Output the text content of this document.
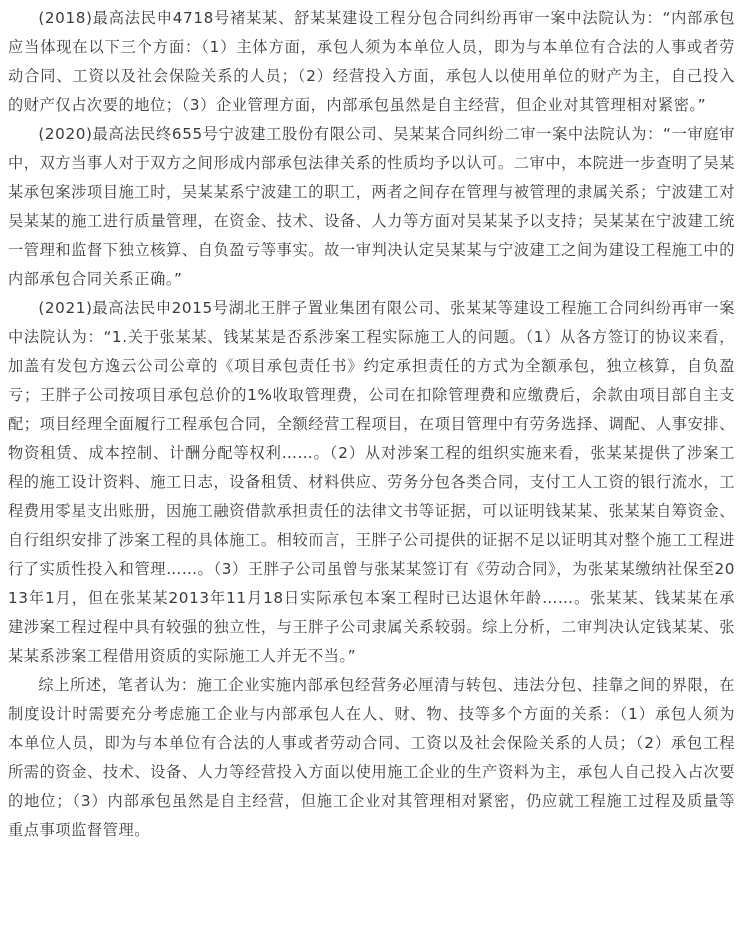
(2018)最高法民申4718号褚某某、舒某某建设工程分包合同纠纷再审一案中法院认为：“内部承包应当体现在以下三个方面：（1）主体方面，承包人须为本单位人员，即为与本单位有合法的人事或者劳动合同、工资以及社会保险关系的人员；（2）经营投入方面，承包人以使用单位的财产为主，自己投入的财产仅占次要的地位；（3）企业管理方面，内部承包虽然是自主经营，但企业对其管理相对紧密。”

(2020)最高法民终655号宁波建工股份有限公司、吴某某合同纠纷二审一案中法院认为：“一审庭审中，双方当事人对于双方之间形成内部承包法律关系的性质均予以认可。二审中，本院进一步查明了吴某某承包案涉项目施工时，吴某某系宁波建工的职工，两者之间存在管理与被管理的隶属关系；宁波建工对吴某某的施工进行质量管理，在资金、技术、设备、人力等方面对吴某某予以支持；吴某某在宁波建工统一管理和监督下独立核算、自负盈亏等事实。故一审判决认定吴某某与宁波建工之间为建设工程施工中的内部承包合同关系正确。”

(2021)最高法民申2015号湖北王胖子置业集团有限公司、张某某等建设工程施工合同纠纷再审一案中法院认为：“1.关于张某某、钱某某是否系涉案工程实际施工人的问题。（1）从各方签订的协议来看，加盖有发包方逸云公司公章的《项目承包责任书》约定承担责任的方式为全额承包，独立核算，自负盈亏；王胖子公司按项目承包总价的1%收取管理费，公司在扣除管理费和应缴费后，余款由项目部自主支配；项目经理全面履行工程承包合同，全额经营工程项目，在项目管理中有劳务选择、调配、人事安排、物资租赁、成本控制、计酬分配等权利……。（2）从对涉案工程的组织实施来看，张某某提供了涉案工程的施工设计资料、施工日志，设备租赁、材料供应、劳务分包各类合同，支付工人工资的银行流水，工程费用零星支出账册，因施工融资借款承担责任的法律文书等证据，可以证明钱某某、张某某自筹资金、自行组织安排了涉案工程的具体施工。相较而言，王胖子公司提供的证据不足以证明其对整个施工工程进行了实质性投入和管理……。（3）王胖子公司虽曾与张某某签订有《劳动合同》，为张某某缴纳社保至2013年1月，但在张某某2013年11月18日实际承包本案工程时已达退休年龄……。张某某、钱某某在承建涉案工程过程中具有较强的独立性，与王胖子公司隶属关系较弱。综上分析，二审判决认定钱某某、张某某系涉案工程借用资质的实际施工人并无不当。”

综上所述，笔者认为：施工企业实施内部承包经营务必厘清与转包、违法分包、挂靠之间的界限，在制度设计时需要充分考虑施工企业与内部承包人在人、财、物、技等多个方面的关系：（1）承包人须为本单位人员，即为与本单位有合法的人事或者劳动合同、工资以及社会保险关系的人员；（2）承包工程所需的资金、技术、设备、人力等经营投入方面以使用施工企业的生产资料为主，承包人自己投入占次要的地位；（3）内部承包虽然是自主经营，但施工企业对其管理相对紧密，仍应就工程施工过程及质量等重点事项监督管理。
